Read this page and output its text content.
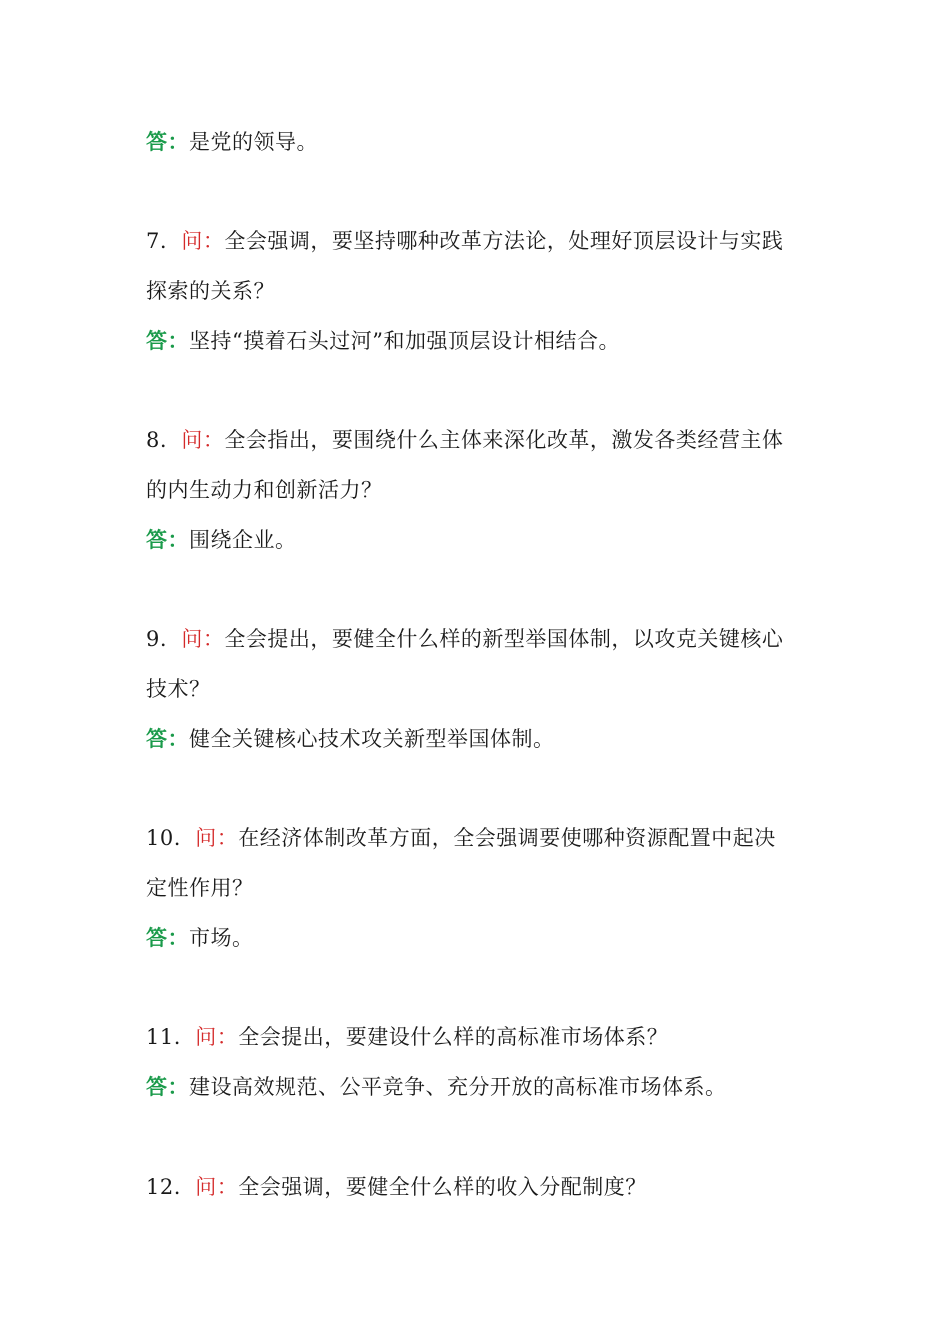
答：是党的领导。
7. 问：全会强调，要坚持哪种改革方法论，处理好顶层设计与实践
探索的关系？
答：坚持“摸着石头过河”和加强顶层设计相结合。
8. 问：全会指出，要围绕什么主体来深化改革，激发各类经营主体
的内生动力和创新活力？
答：围绕企业。
9. 问：全会提出，要健全什么样的新型举国体制，以攻克关键核心
技术？
答：健全关键核心技术攻关新型举国体制。
10. 问：在经济体制改革方面，全会强调要使哪种资源配置中起决
定性作用？
答：市场。
11. 问：全会提出，要建设什么样的高标准市场体系？
答：建设高效规范、公平竞争、充分开放的高标准市场体系。
12. 问：全会强调，要健全什么样的收入分配制度？
